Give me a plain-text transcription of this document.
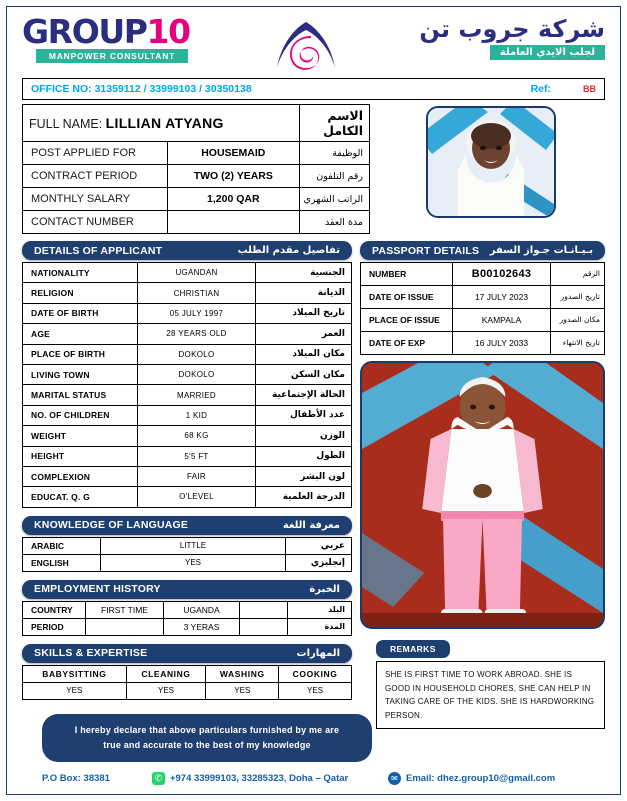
GROUP10
MANPOWER CONSULTANT
شركة جروب تن
لجلب الايدي العاملة
OFFICE NO: 31359112 / 33999103 / 30350138	Ref:	BB
FULL NAME: LILLIAN ATYANG		الاسم الكامل
POST APPLIED FOR	HOUSEMAID	الوظيفة
CONTRACT PERIOD	TWO (2) YEARS	رقم التلفون
MONTHLY SALARY	1,200 QAR	الراتب الشهري
CONTACT NUMBER		مدة العقد
DETAILS OF APPLICANT	تفاصيل مقدم الطلب
NATIONALITY	UGANDAN	الجنسية
RELIGION	CHRISTIAN	الديانة
DATE OF BIRTH	05 JULY 1997	تاريخ الميلاد
AGE	28 YEARS OLD	العمر
PLACE OF BIRTH	DOKOLO	مكان الميلاد
LIVING TOWN	DOKOLO	مكان السكن
MARITAL STATUS	MARRIED	الحالة الإجتماعية
NO. OF CHILDREN	1 KID	عدد الأطفال
WEIGHT	68 KG	الوزن
HEIGHT	5'5 FT	الطول
COMPLEXION	FAIR	لون البشر
EDUCAT. Q. G	O'LEVEL	الدرجة العلمية
KNOWLEDGE OF LANGUAGE	معرفة اللغة
ARABIC	LITTLE	عربي
ENGLISH	YES	إنجليزي
EMPLOYMENT HISTORY	الخبرة
COUNTRY	FIRST TIME	UGANDA		البلد
PERIOD		3 YERAS		المدة
SKILLS & EXPERTISE	المهارات
BABYSITTING	CLEANING	WASHING	COOKING
YES	YES	YES	YES
I hereby declare that above particulars furnished by me are true and accurate to the best of my knowledge
PASSPORT DETAILS بـيـانـات جـواز السفر
NUMBER	B00102643	الرقم
DATE OF ISSUE	17 JULY 2023	تاريخ الصدور
PLACE OF ISSUE	KAMPALA	مكان الصدور
DATE OF EXP	16 JULY 2033	تاريخ الانتهاء
REMARKS
SHE IS FIRST TIME TO WORK ABROAD. SHE IS GOOD IN HOUSEHOLD CHORES, SHE CAN HELP IN TAKING CARE OF THE KIDS. SHE IS HARDWORKING PERSON.
P.O Box: 38381	✆ +974 33999103, 33285323, Doha – Qatar	✉ Email: dhez.group10@gmail.com
